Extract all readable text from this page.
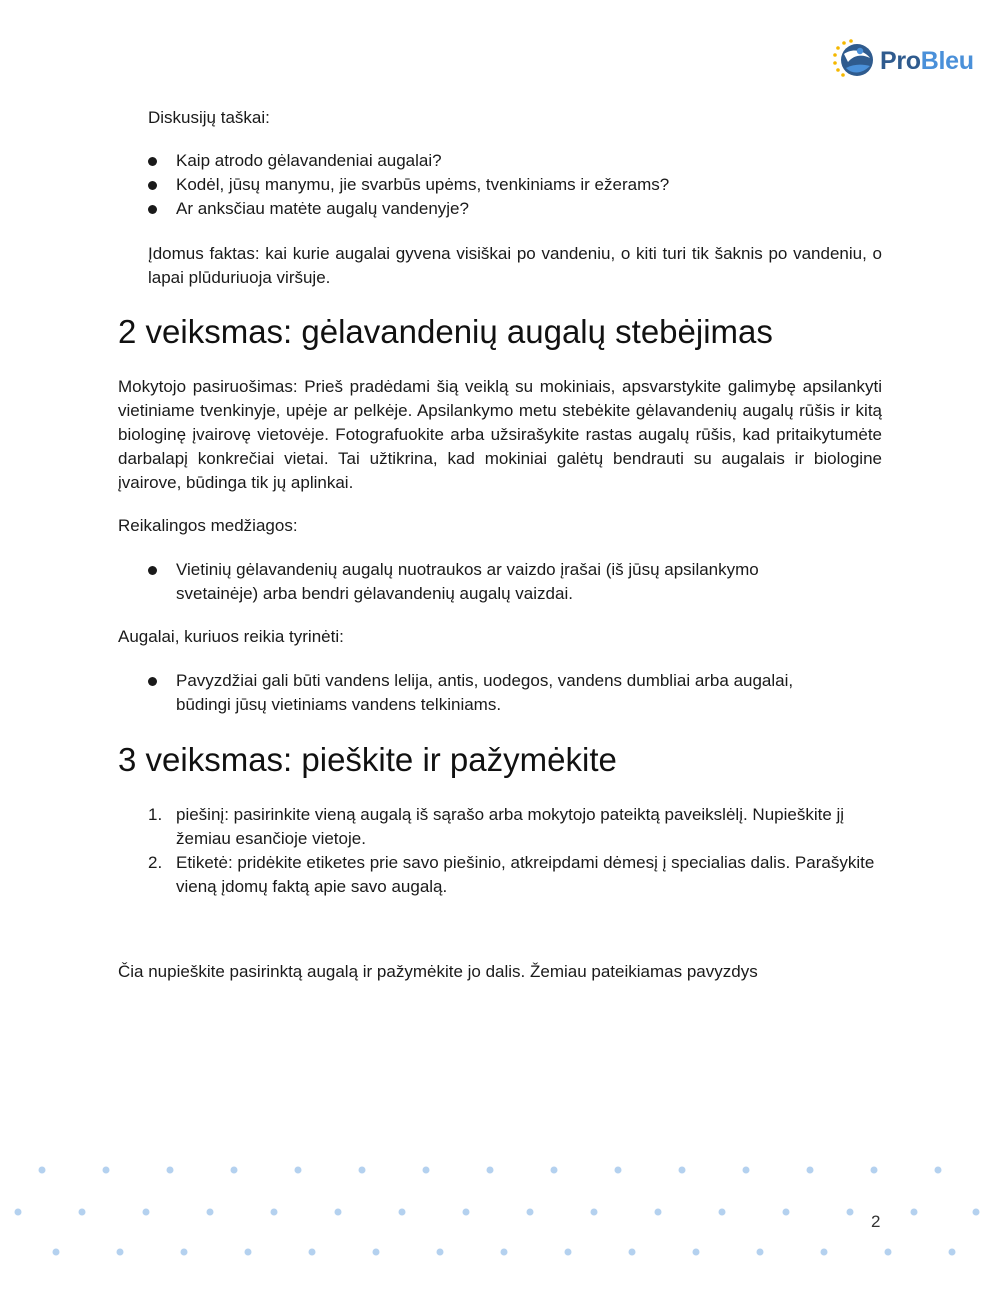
ProBleu

Diskusijų taškai:

Kaip atrodo gėlavandeniai augalai?
Kodėl, jūsų manymu, jie svarbūs upėms, tvenkiniams ir ežerams?
Ar anksčiau matėte augalų vandenyje?

Įdomus faktas: kai kurie augalai gyvena visiškai po vandeniu, o kiti turi tik šaknis po vandeniu, o lapai plūduriuoja viršuje.

2 veiksmas: gėlavandenių augalų stebėjimas

Mokytojo pasiruošimas: Prieš pradėdami šią veiklą su mokiniais, apsvarstykite galimybę apsilankyti vietiniame tvenkinyje, upėje ar pelkėje. Apsilankymo metu stebėkite gėlavandenių augalų rūšis ir kitą biologinę įvairovę vietovėje. Fotografuokite arba užsirašykite rastas augalų rūšis, kad pritaikytumėte darbalapį konkrečiai vietai. Tai užtikrina, kad mokiniai galėtų bendrauti su augalais ir biologine įvairove, būdinga tik jų aplinkai.

Reikalingos medžiagos:

Vietinių gėlavandenių augalų nuotraukos ar vaizdo įrašai (iš jūsų apsilankymo svetainėje) arba bendri gėlavandenių augalų vaizdai.

Augalai, kuriuos reikia tyrinėti:

Pavyzdžiai gali būti vandens lelija, antis, uodegos, vandens dumbliai arba augalai, būdingi jūsų vietiniams vandens telkiniams.
3 veiksmas: pieškite ir pažymėkite
1. piešinį: pasirinkite vieną augalą iš sąrašo arba mokytojo pateiktą paveikslėlį. Nupieškite jį žemiau esančioje vietoje.
2. Etiketė: pridėkite etiketes prie savo piešinio, atkreipdami dėmesį į specialias dalis. Parašykite vieną įdomų faktą apie savo augalą.

Čia nupieškite pasirinktą augalą ir pažymėkite jo dalis. Žemiau pateikiamas pavyzdys

2
